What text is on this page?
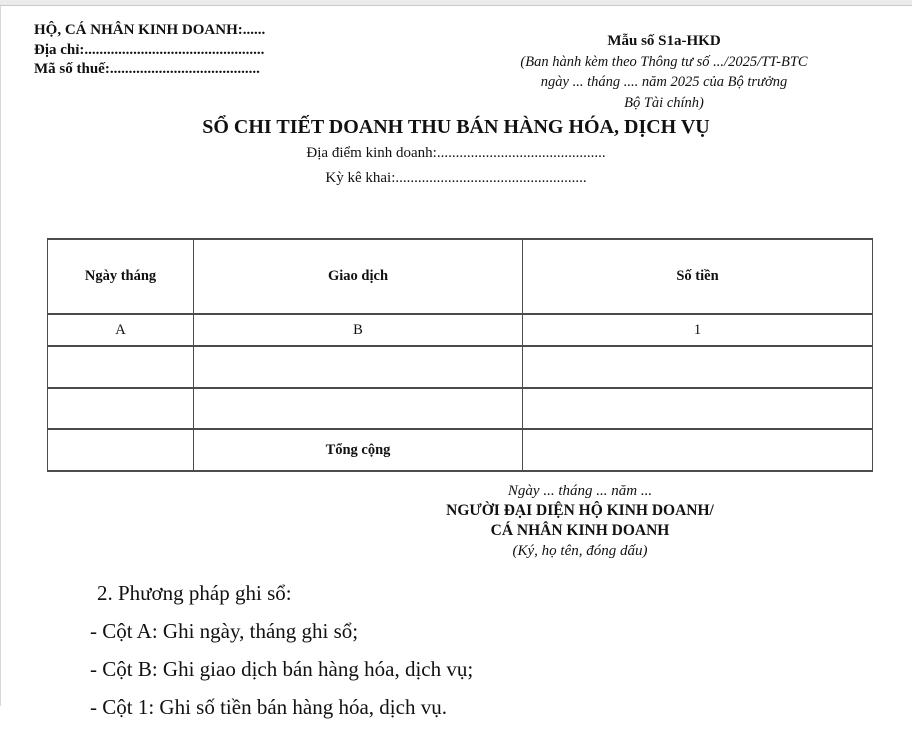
HỘ, CÁ NHÂN KINH DOANH:......
Địa chỉ:................................................
Mã số thuế:........................................
Mẫu số S1a-HKD
(Ban hành kèm theo Thông tư số .../2025/TT-BTC
ngày ... tháng .... năm 2025 của Bộ trưởng
Bộ Tài chính)
SỔ CHI TIẾT DOANH THU BÁN HÀNG HÓA, DỊCH VỤ
Địa điểm kinh doanh:.............................................
Kỳ kê khai:...................................................
Ngày tháng	Giao dịch	Số tiền
A	B	1

	Tổng cộng	
Ngày ... tháng ... năm ...
NGƯỜI ĐẠI DIỆN HỘ KINH DOANH/
CÁ NHÂN KINH DOANH
(Ký, họ tên, đóng dấu)
2. Phương pháp ghi sổ:
- Cột A: Ghi ngày, tháng ghi sổ;
- Cột B: Ghi giao dịch bán hàng hóa, dịch vụ;
- Cột 1: Ghi số tiền bán hàng hóa, dịch vụ.
